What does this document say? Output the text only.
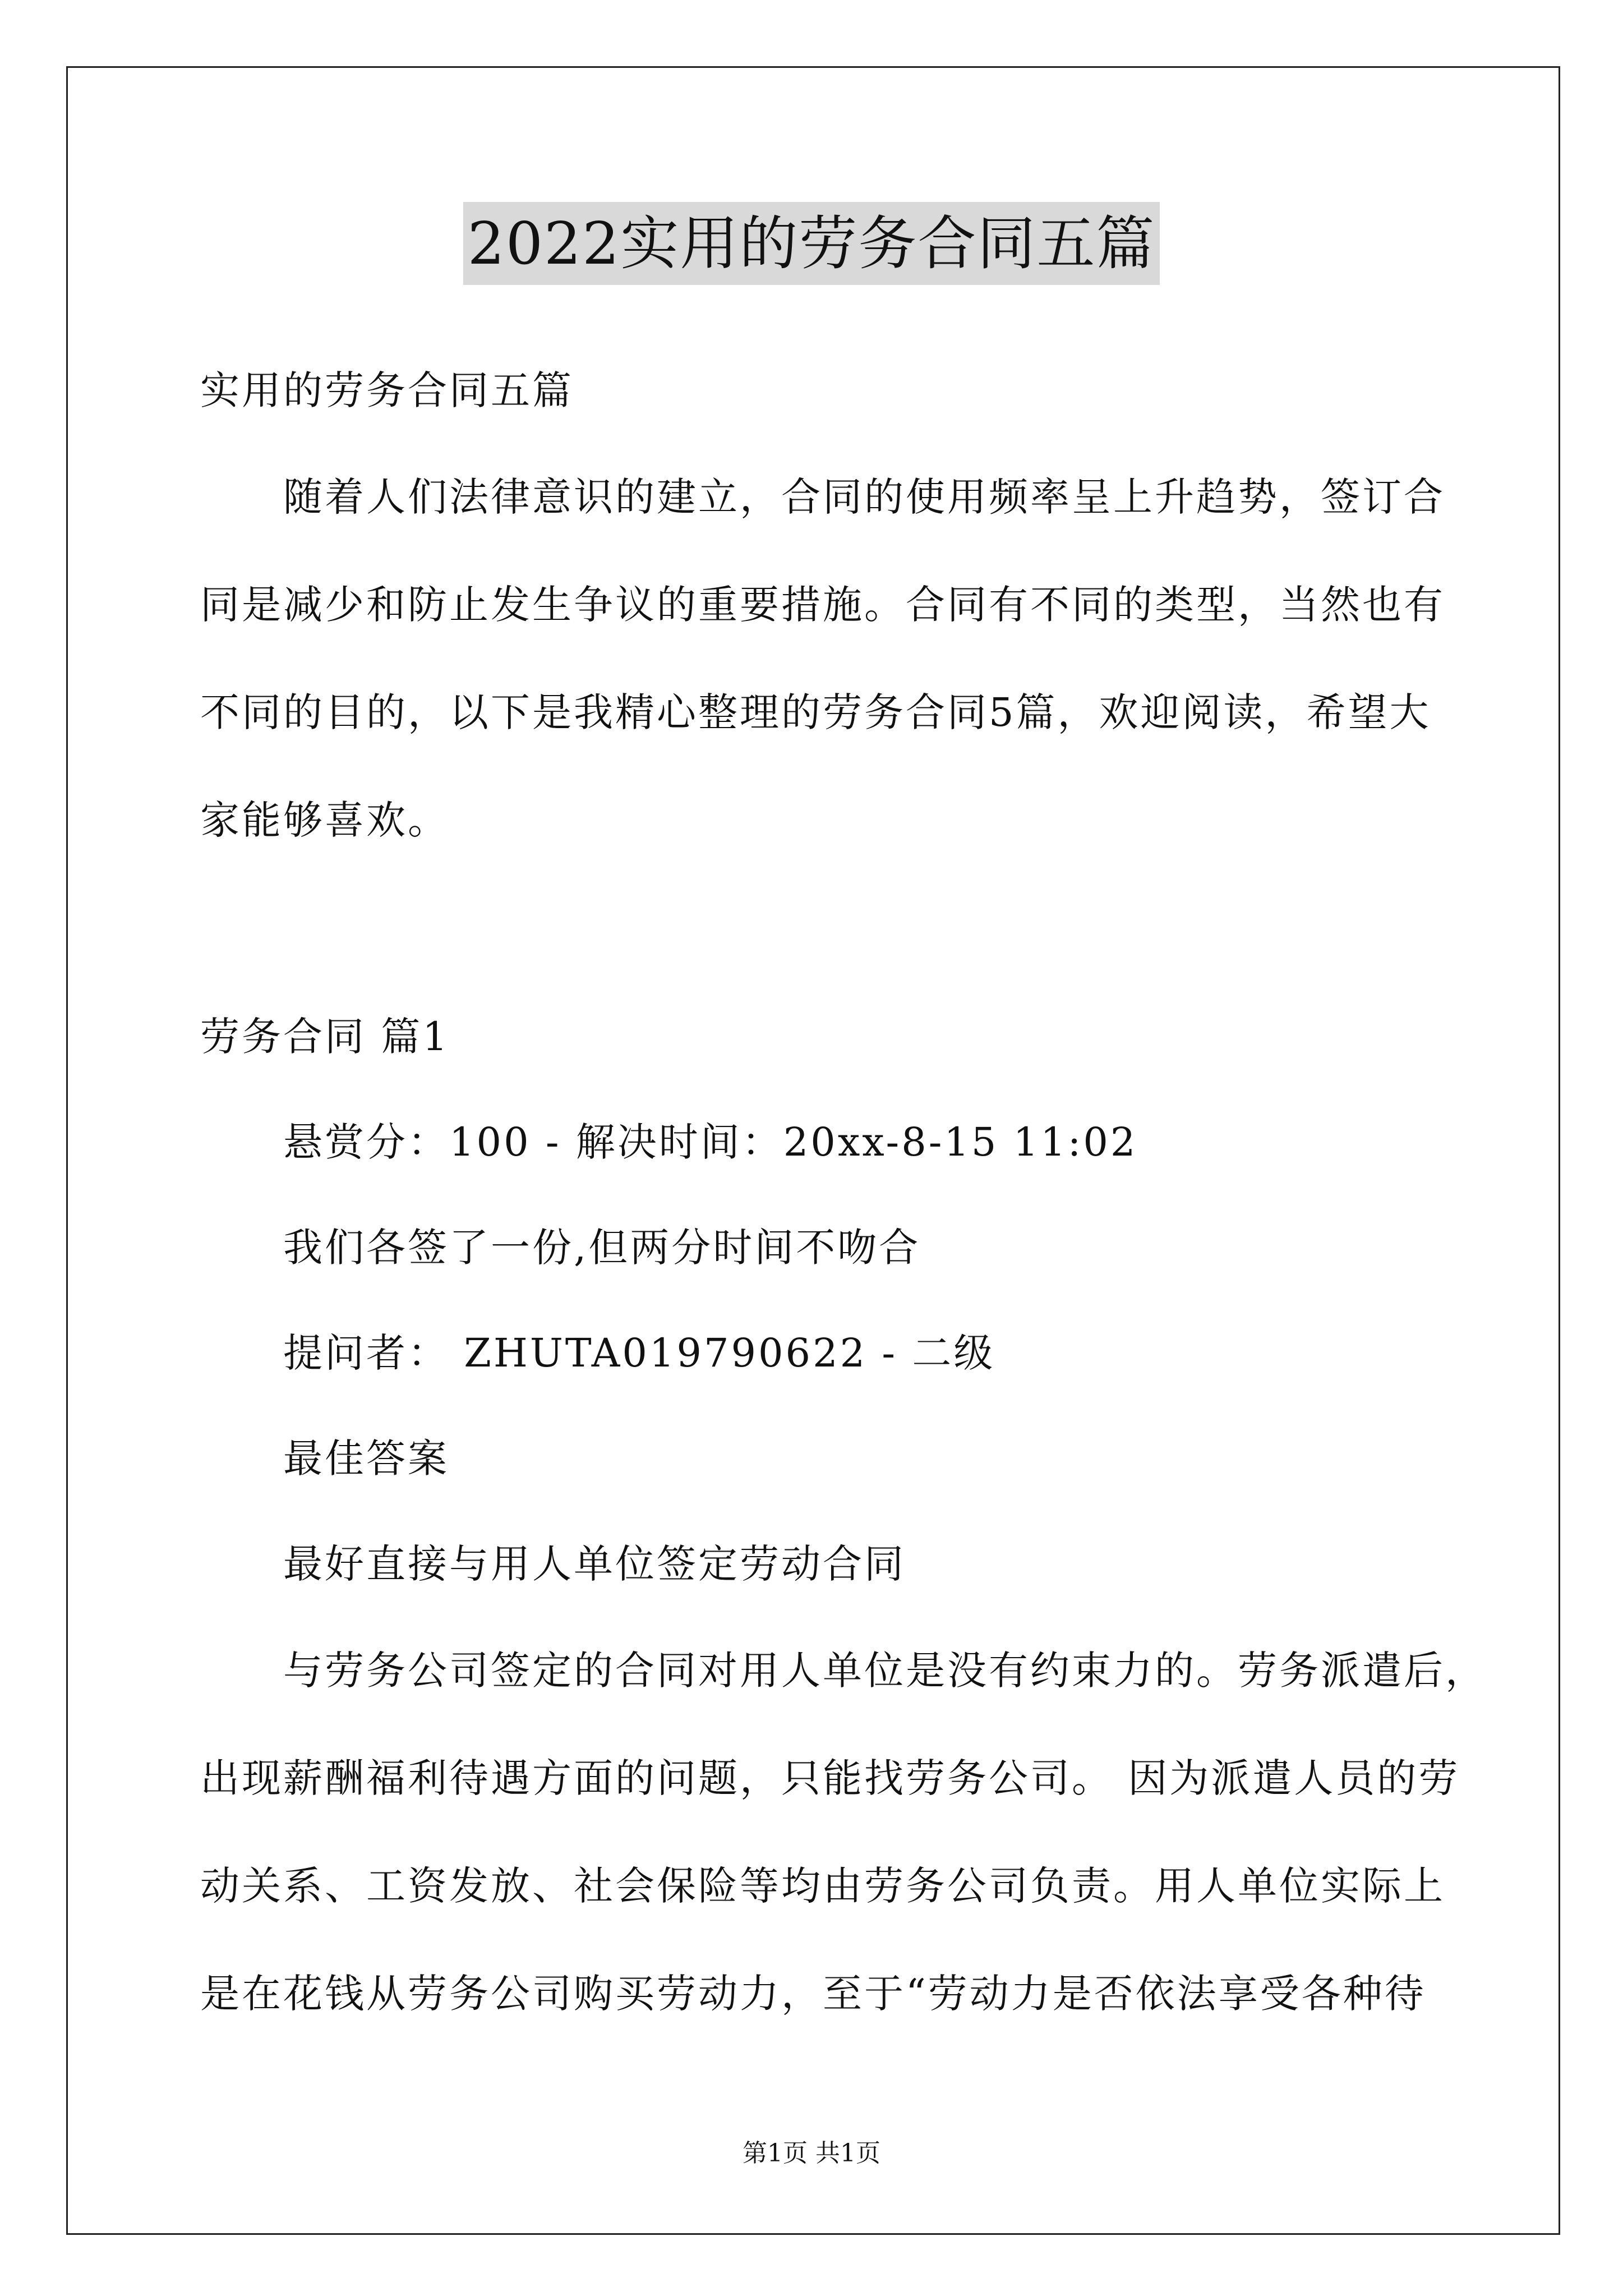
2022实用的劳务合同五篇
实用的劳务合同五篇
随着人们法律意识的建立，合同的使用频率呈上升趋势，签订合
同是减少和防止发生争议的重要措施。合同有不同的类型，当然也有
不同的目的，以下是我精心整理的劳务合同5篇，欢迎阅读，希望大
家能够喜欢。
劳务合同 篇1
悬赏分：100 - 解决时间：20xx-8-15 11:02
我们各签了一份,但两分时间不吻合
提问者： ZHUTA019790622 - 二级
最佳答案
最好直接与用人单位签定劳动合同
与劳务公司签定的合同对用人单位是没有约束力的。劳务派遣后，
出现薪酬福利待遇方面的问题，只能找劳务公司。 因为派遣人员的劳
动关系、工资发放、社会保险等均由劳务公司负责。用人单位实际上
是在花钱从劳务公司购买劳动力，至于“劳动力是否依法享受各种待
第1页 共1页
